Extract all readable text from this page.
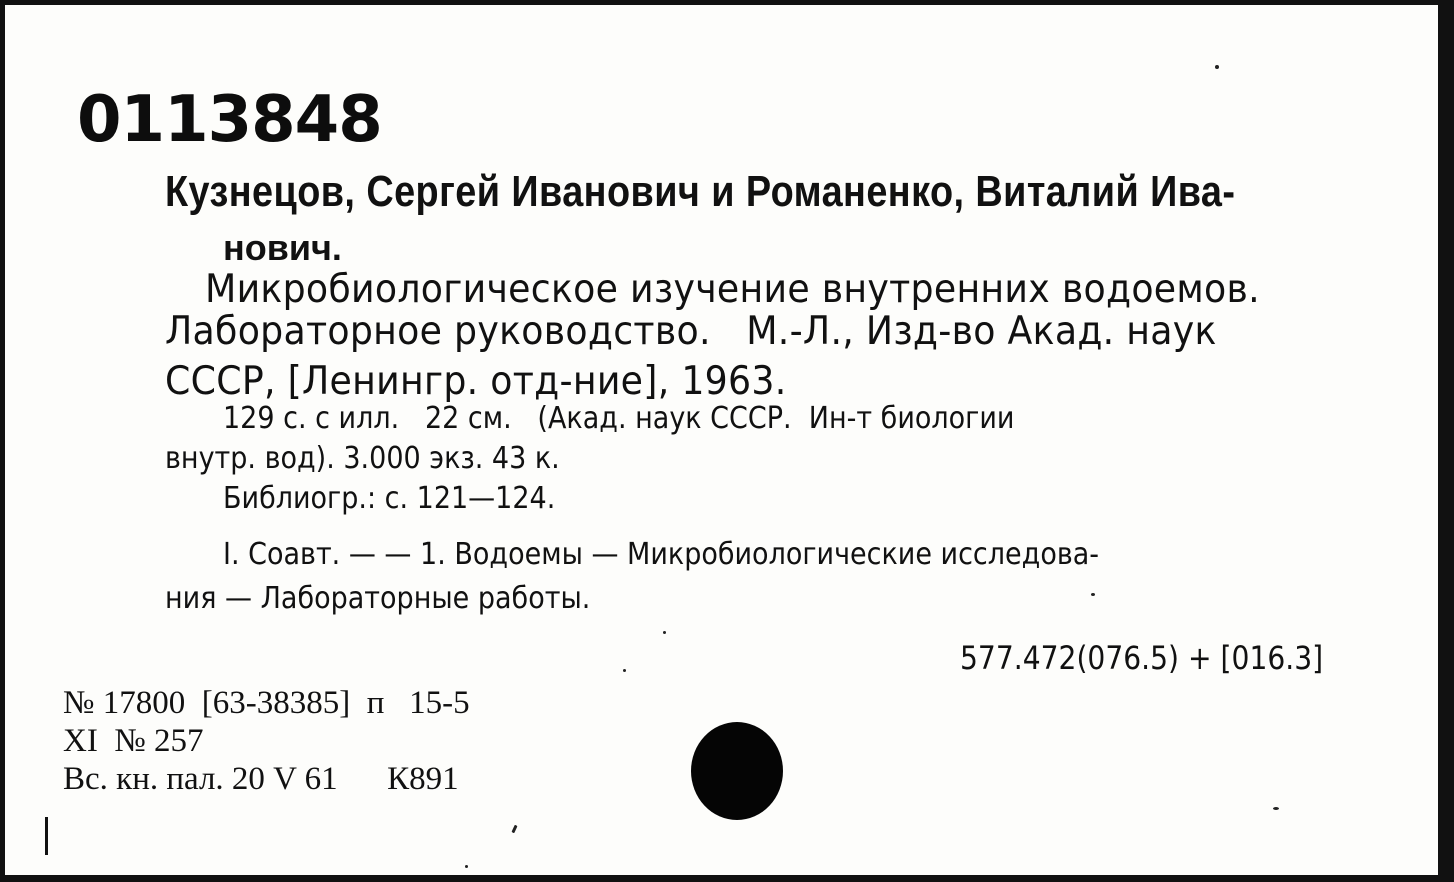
0113848
Кузнецов, Сергей Иванович и Романенко, Виталий Ива-
нович.
Микробиологическое изучение внутренних водоемов.
Лабораторное руководство.   М.-Л., Изд-во Акад. наук
СССР, [Ленингр. отд-ние], 1963.
129 с. с илл.   22 см.   (Акад. наук СССР.  Ин-т биологии
внутр. вод). 3.000 экз. 43 к.
Библиогр.: с. 121—124.
I. Соавт. — — 1. Водоемы — Микробиологические исследова-
ния — Лабораторные работы.
577.472(076.5) + [016.3]
№ 17800  [63-38385]  п   15-5
XI  № 257
Вс. кн. пал. 20 V 61      К891
